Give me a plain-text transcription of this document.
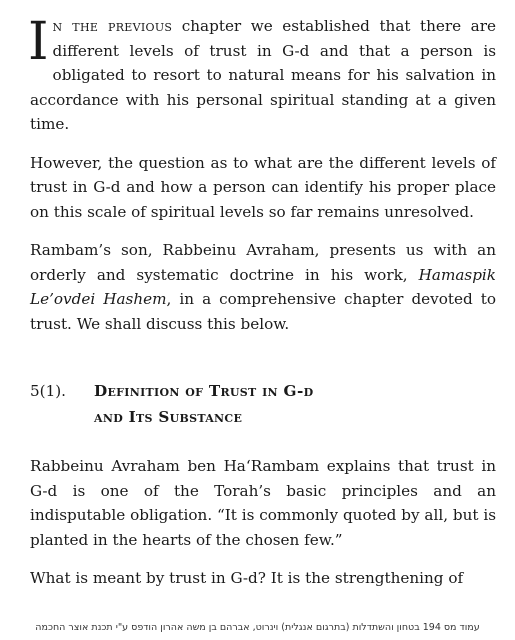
In the previous chapter we established that there are different levels of trust in G-d and that a person is obligated to resort to natural means for his salvation in accordance with his personal spiritual standing at a given time.

However, the question as to what are the different levels of trust in G-d and how a person can identify his proper place on this scale of spiritual levels so far remains unresolved.

Rambam’s son, Rabbeinu Avraham, presents us with an orderly and systematic doctrine in his work, Hamaspik Le’ovdei Hashem, in a comprehensive chapter devoted to trust. We shall discuss this below.

5(1).	Definition of Trust in G-d
and Its Substance

Rabbeinu Avraham ben Ha‘Rambam explains that trust in G-d is one of the Torah’s basic principles and an indisputable obligation. “It is commonly quoted by all, but is planted in the hearts of the chosen few.”

What is meant by trust in G-d? It is the strengthening of

עמוד מס 194 בטחון והשתדלות (בתרגום אנגלית) וינרוט, אברהם בן משה אהרון הודפס ע"י תכנת אוצר החכמה
